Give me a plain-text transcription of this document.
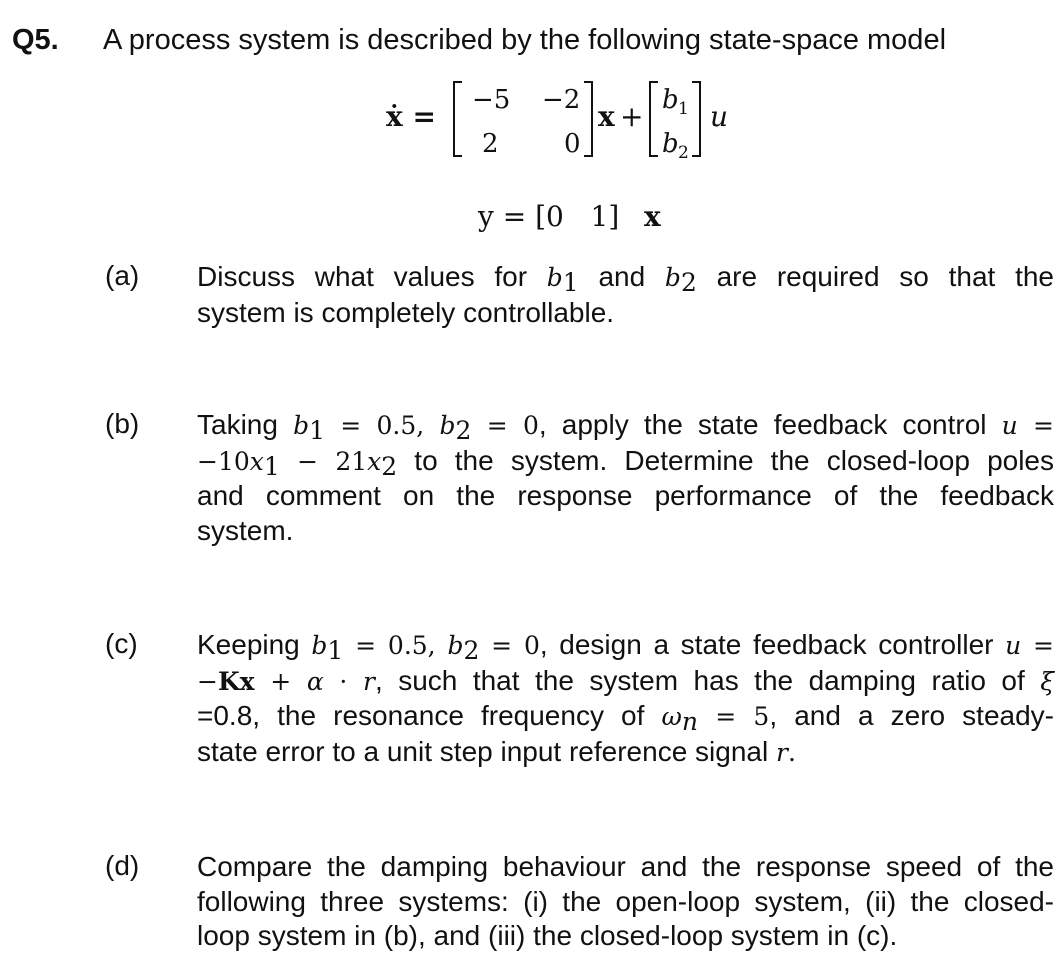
Q5. A process system is described by the following state-space model
ẋ = −5 −2
2	0
x + b 1
b 2
u
y = [0   1] x
(a) Discuss what values for $b_1$ and $b_2$ are required so that the
system is completely controllable.
(b) Taking $b_1 = 0.5$, $b_2 = 0$, apply the state feedback control u =
$-10x_1 - 21x_2$ to the system. Determine the closed-loop poles
and comment on the response performance of the feedback
system.
(c) Keeping $b_1 = 0.5$, $b_2 = 0$, design a state feedback controller u =
−Kx + α · r, such that the system has the damping ratio of ξ
=0.8, the resonance frequency of $\omega_n = 5$, and a zero steady-
state error to a unit step input reference signal r.
(d) Compare the damping behaviour and the response speed of the
following three systems: (i) the open-loop system, (ii) the closed-
loop system in (b), and (iii) the closed-loop system in (c).
